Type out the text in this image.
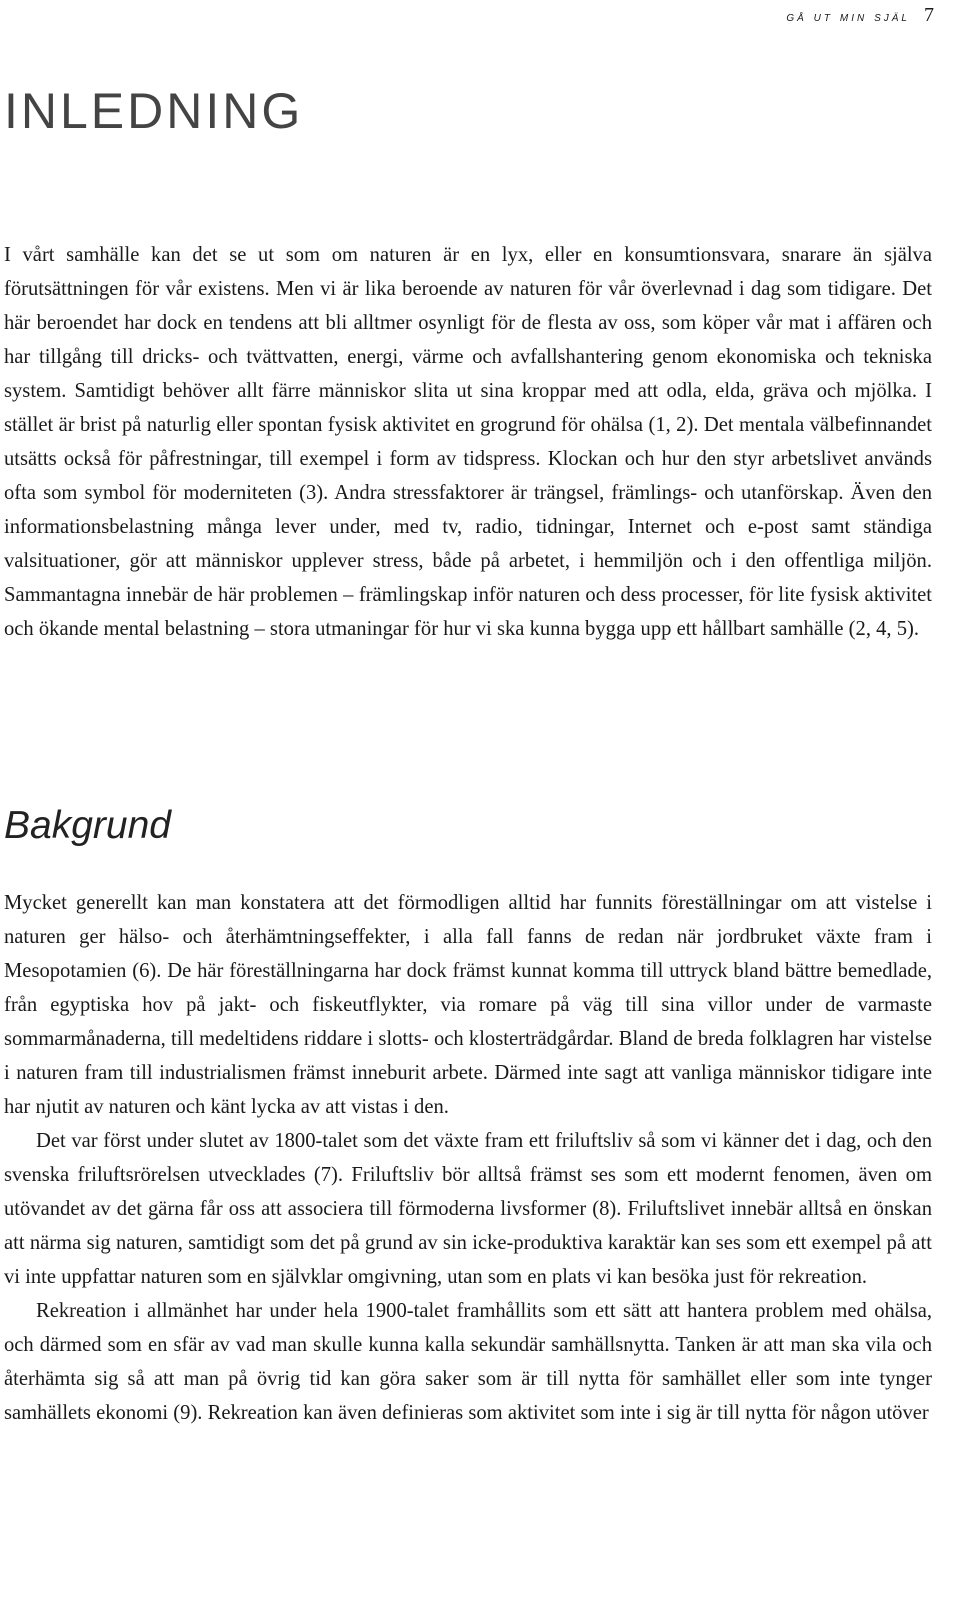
gå ut min själ 7
INLEDNING

I vårt samhälle kan det se ut som om naturen är en lyx, eller en konsumtionsvara, snarare än själva förutsättningen för vår existens. Men vi är lika beroende av naturen för vår överlevnad i dag som tidigare. Det här beroendet har dock en tendens att bli alltmer osynligt för de flesta av oss, som köper vår mat i affären och har tillgång till dricks- och tvättvatten, energi, värme och avfallshantering genom ekonomiska och tekniska system. Samtidigt behöver allt färre människor slita ut sina kroppar med att odla, elda, gräva och mjölka. I stället är brist på naturlig eller spontan fysisk aktivitet en grogrund för ohälsa (1, 2). Det mentala välbefinnandet utsätts också för påfrestningar, till exempel i form av tidspress. Klockan och hur den styr arbetslivet används ofta som symbol för moderniteten (3). Andra stressfaktorer är trängsel, främlings- och utanförskap. Även den informationsbelastning många lever under, med tv, radio, tidningar, Internet och e-post samt ständiga valsituationer, gör att människor upplever stress, både på arbetet, i hemmiljön och i den offentliga miljön. Sammantagna innebär de här problemen – främlingskap inför naturen och dess processer, för lite fysisk aktivitet och ökande mental belastning – stora utmaningar för hur vi ska kunna bygga upp ett hållbart samhälle (2, 4, 5).

Bakgrund

Mycket generellt kan man konstatera att det förmodligen alltid har funnits föreställningar om att vistelse i naturen ger hälso- och återhämtningseffekter, i alla fall fanns de redan när jordbruket växte fram i Mesopotamien (6). De här föreställningarna har dock främst kunnat komma till uttryck bland bättre bemedlade, från egyptiska hov på jakt- och fiskeutflykter, via romare på väg till sina villor under de varmaste sommarmånaderna, till medeltidens riddare i slotts- och klosterträdgårdar. Bland de breda folklagren har vistelse i naturen fram till industrialismen främst inneburit arbete. Därmed inte sagt att vanliga människor tidigare inte har njutit av naturen och känt lycka av att vistas i den.

Det var först under slutet av 1800-talet som det växte fram ett friluftsliv så som vi känner det i dag, och den svenska friluftsrörelsen utvecklades (7). Friluftsliv bör alltså främst ses som ett modernt fenomen, även om utövandet av det gärna får oss att associera till förmoderna livsformer (8). Friluftslivet innebär alltså en önskan att närma sig naturen, samtidigt som det på grund av sin icke-produktiva karaktär kan ses som ett exempel på att vi inte uppfattar naturen som en självklar omgivning, utan som en plats vi kan besöka just för rekreation.

Rekreation i allmänhet har under hela 1900-talet framhållits som ett sätt att hantera problem med ohälsa, och därmed som en sfär av vad man skulle kunna kalla sekundär samhällsnytta. Tanken är att man ska vila och återhämta sig så att man på övrig tid kan göra saker som är till nytta för samhället eller som inte tynger samhällets ekonomi (9). Rekreation kan även definieras som aktivitet som inte i sig är till nytta för någon utöver
